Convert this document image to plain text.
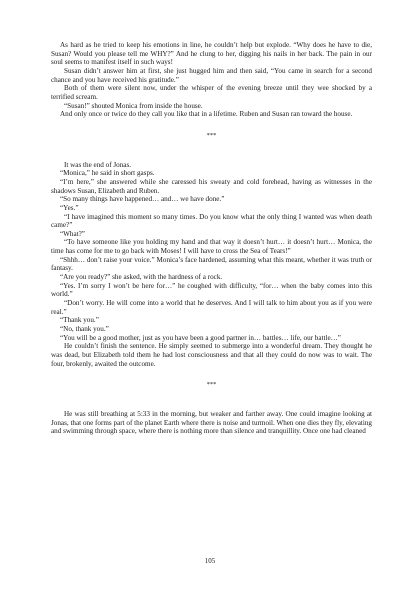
As hard as he tried to keep his emotions in line, he couldn’t help but explode. “Why does he have to die, Susan? Would you please tell me WHY?” And he clung to her, digging his nails in her back. The pain in our soul seems to manifest itself in such ways!

Susan didn’t answer him at first, she just hugged him and then said, “You came in search for a second chance and you have received his gratitude.”

Both of them were silent now, under the whisper of the evening breeze until they wee shocked by a terrified scream.

“Susan!” shouted Monica from inside the house.

And only once or twice do they call you like that in a lifetime. Ruben and Susan ran toward the house.

***

It was the end of Jonas.

“Monica,” he said in short gasps.

“I’m here,” she answered while she caressed his sweaty and cold forehead, having as witnesses in the shadows Susan, Elizabeth and Ruben.

“So many things have happened… and… we have done.”

“Yes.”

“I have imagined this moment so many times. Do you know what the only thing I wanted was when death came?”

“What?”

“To have someone like you holding my hand and that way it doesn’t hurt… it doesn’t hurt… Monica, the time has come for me to go back with Moses! I will have to cross the Sea of Tears!”

“Shhh… don’t raise your voice.” Monica’s face hardened, assuming what this meant, whether it was truth or fantasy.

“Are you ready?” she asked, with the hardness of a rock.

“Yes. I’m sorry I won’t be here for…” he coughed with difficulty, “for… when the baby comes into this world.”

“Don’t worry. He will come into a world that he deserves. And I will talk to him about you as if you were real.”

“Thank you.”

“No, thank you.”

“You will be a good mother, just as you have been a good partner in… battles… life, our battle…”

He couldn’t finish the sentence. He simply seemed to submerge into a wonderful dream. They thought he was dead, but Elizabeth told them he had lost consciousness and that all they could do now was to wait. The four, brokenly, awaited the outcome.

***

He was still breathing at 5:33 in the morning, but weaker and farther away. One could imagine looking at Jonas, that one forms part of the planet Earth where there is noise and turmoil. When one dies they fly, elevating and swimming through space, where there is nothing more than silence and tranquillity. Once one had cleaned

105
